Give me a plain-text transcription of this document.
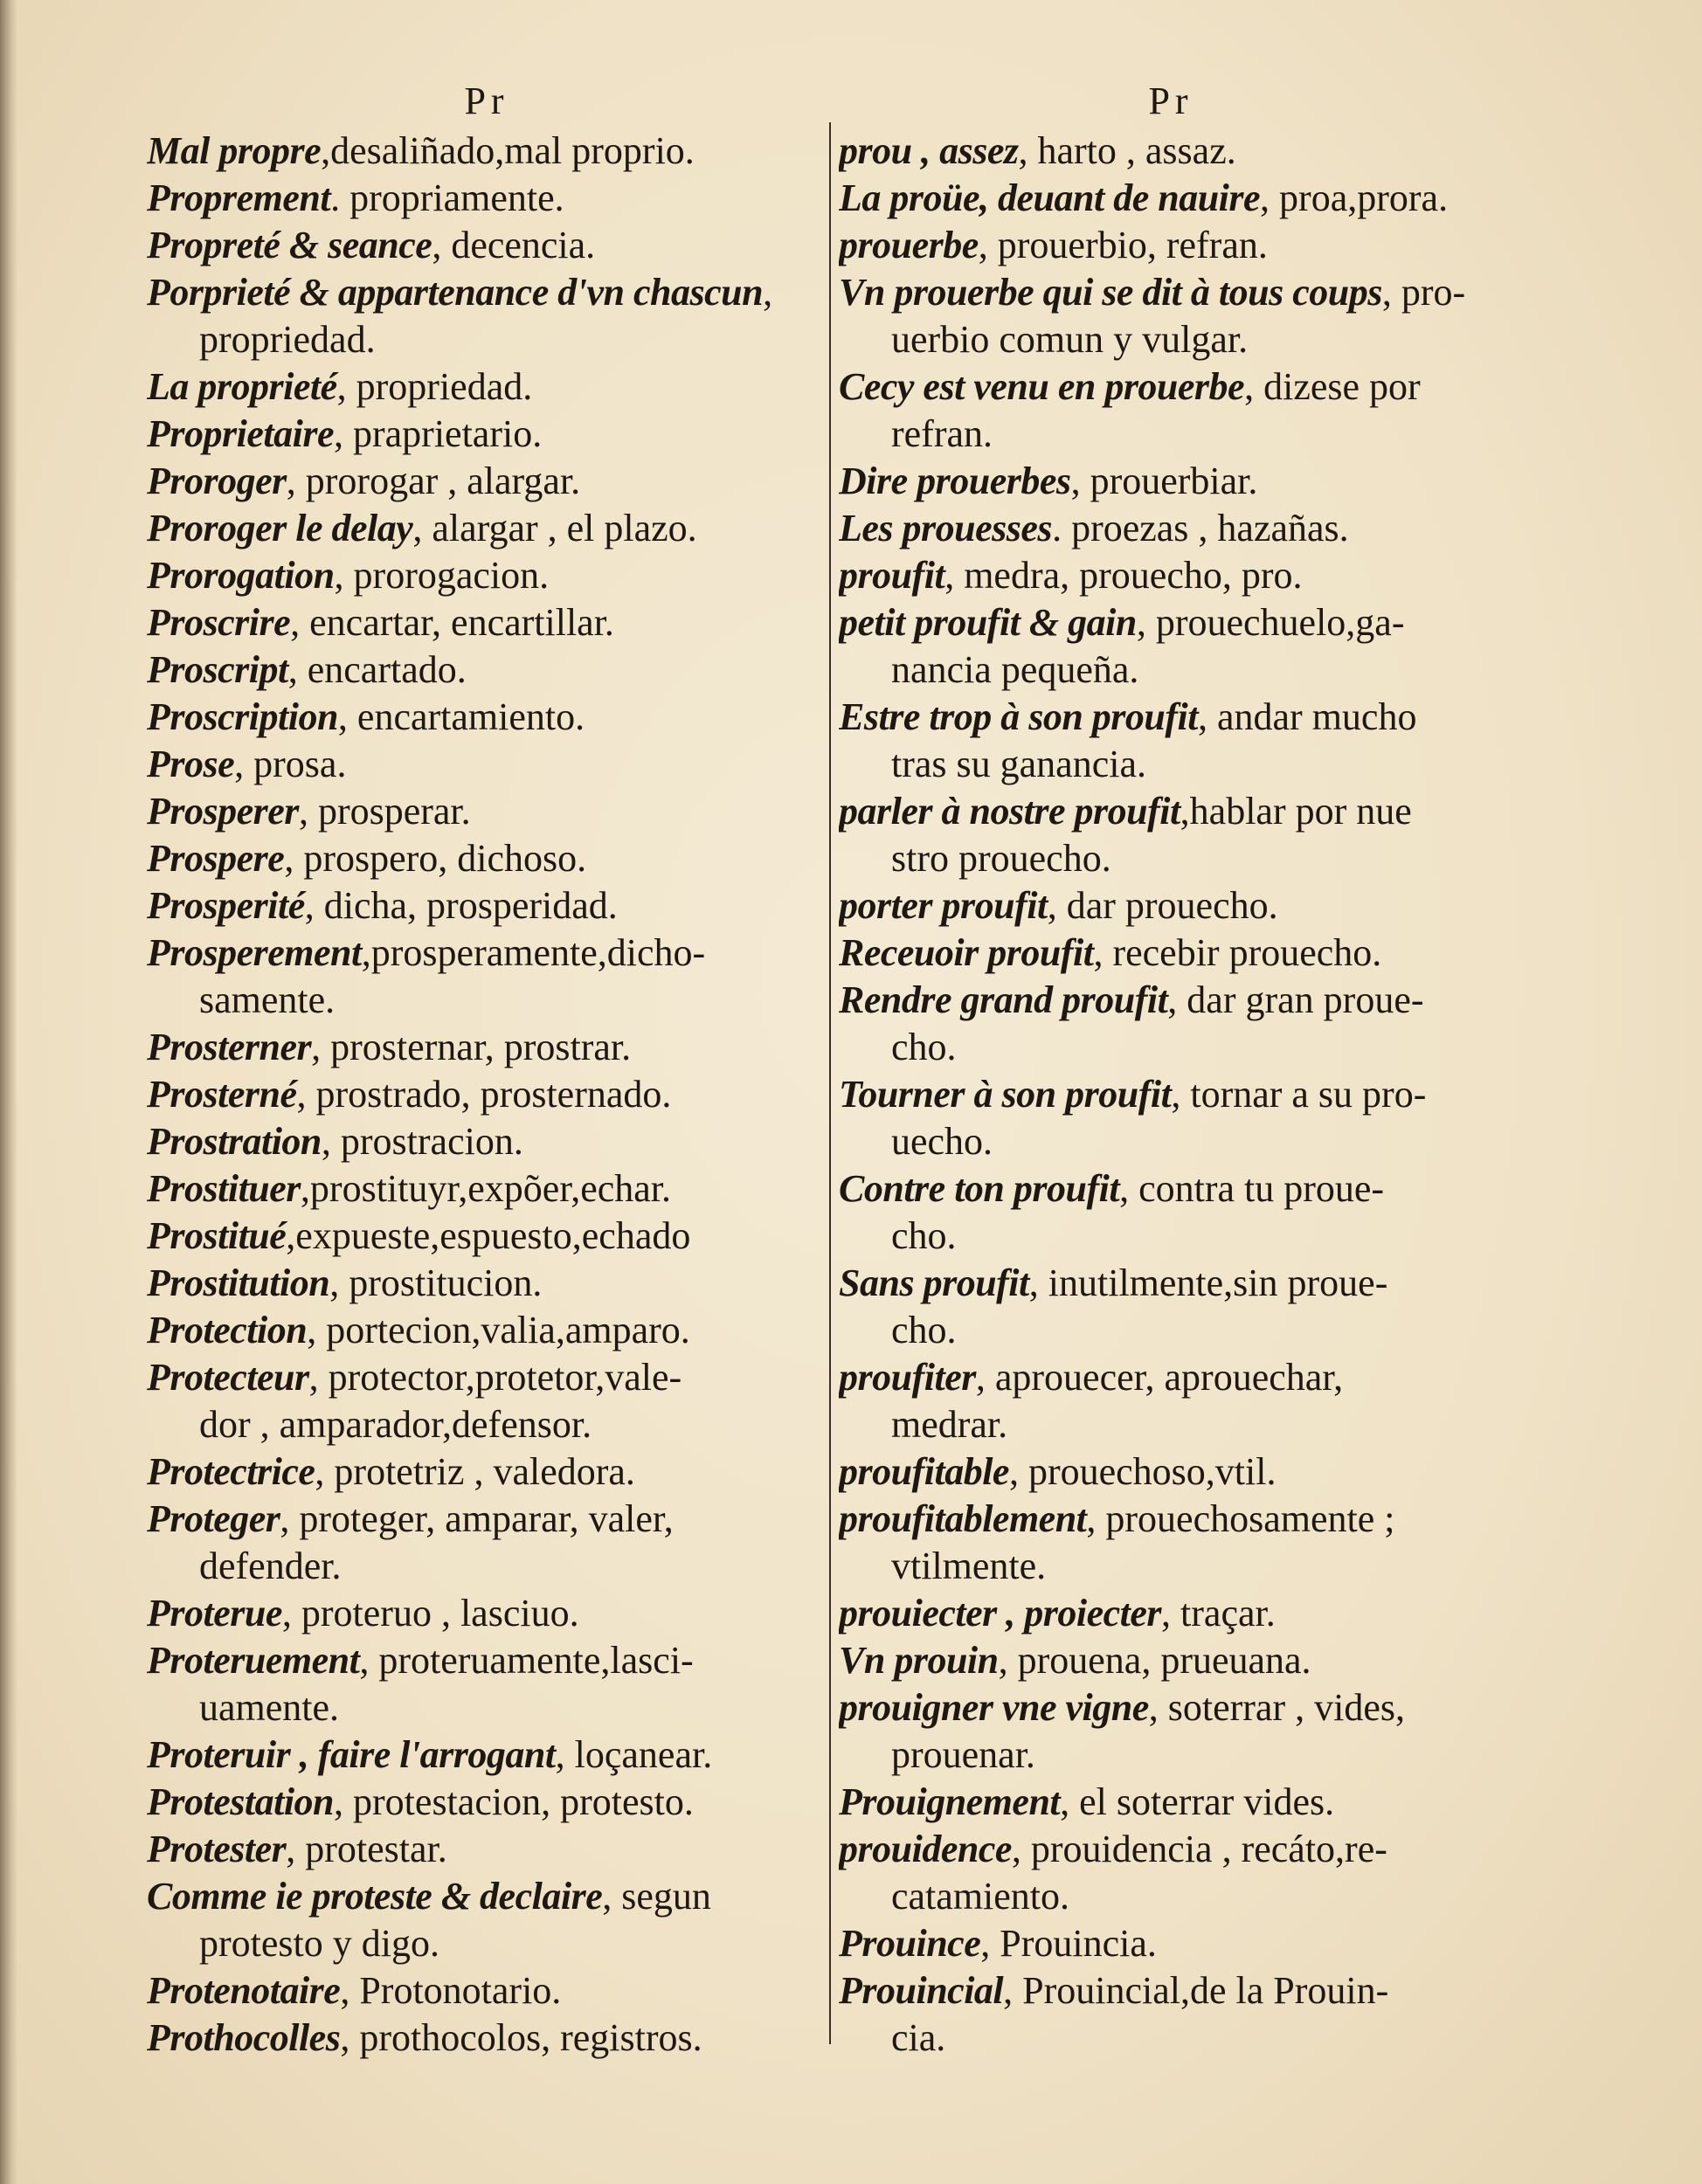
Pr
Mal propre,desaliñado,mal proprio.
Proprement. propriamente.
Propreté & seance, decencia.
Porprieté & appartenance d'vn chascun,
propriedad.
La proprieté, propriedad.
Proprietaire, praprietario.
Proroger, prorogar , alargar.
Proroger le delay, alargar , el plazo.
Prorogation, prorogacion.
Proscrire, encartar, encartillar.
Proscript, encartado.
Proscription, encartamiento.
Prose, prosa.
Prosperer, prosperar.
Prospere, prospero, dichoso.
Prosperité, dicha, prosperidad.
Prosperement,prosperamente,dicho-
samente.
Prosterner, prosternar, prostrar.
Prosterné, prostrado, prosternado.
Prostration, prostracion.
Prostituer,prostituyr,expõer,echar.
Prostitué,expueste,espuesto,echado
Prostitution, prostitucion.
Protection, portecion,valia,amparo.
Protecteur, protector,protetor,vale-
dor , amparador,defensor.
Protectrice, protetriz , valedora.
Proteger, proteger, amparar, valer,
defender.
Proterue, proteruo , lasciuo.
Proteruement, proteruamente,lasci-
uamente.
Proteruir , faire l'arrogant, loçanear.
Protestation, protestacion, protesto.
Protester, protestar.
Comme ie proteste & declaire, segun
protesto y digo.
Protenotaire, Protonotario.
Prothocolles, prothocolos, registros.
Pr
prou , assez, harto , assaz.
La proüe, deuant de nauire, proa,prora.
prouerbe, prouerbio, refran.
Vn prouerbe qui se dit à tous coups, pro-
uerbio comun y vulgar.
Cecy est venu en prouerbe, dizese por
refran.
Dire prouerbes, prouerbiar.
Les prouesses. proezas , hazañas.
proufit, medra, prouecho, pro.
petit proufit & gain, prouechuelo,ga-
nancia pequeña.
Estre trop à son proufit, andar mucho
tras su ganancia.
parler à nostre proufit,hablar por nue
stro prouecho.
porter proufit, dar prouecho.
Receuoir proufit, recebir prouecho.
Rendre grand proufit, dar gran proue-
cho.
Tourner à son proufit, tornar a su pro-
uecho.
Contre ton proufit, contra tu proue-
cho.
Sans proufit, inutilmente,sin proue-
cho.
proufiter, aprouecer, aprouechar,
medrar.
proufitable, prouechoso,vtil.
proufitablement, prouechosamente ;
vtilmente.
prouiecter , proiecter, traçar.
Vn prouin, prouena, prueuana.
prouigner vne vigne, soterrar , vides,
prouenar.
Prouignement, el soterrar vides.
prouidence, prouidencia , recáto,re-
catamiento.
Prouince, Prouincia.
Prouincial, Prouincial,de la Prouin-
cia.
